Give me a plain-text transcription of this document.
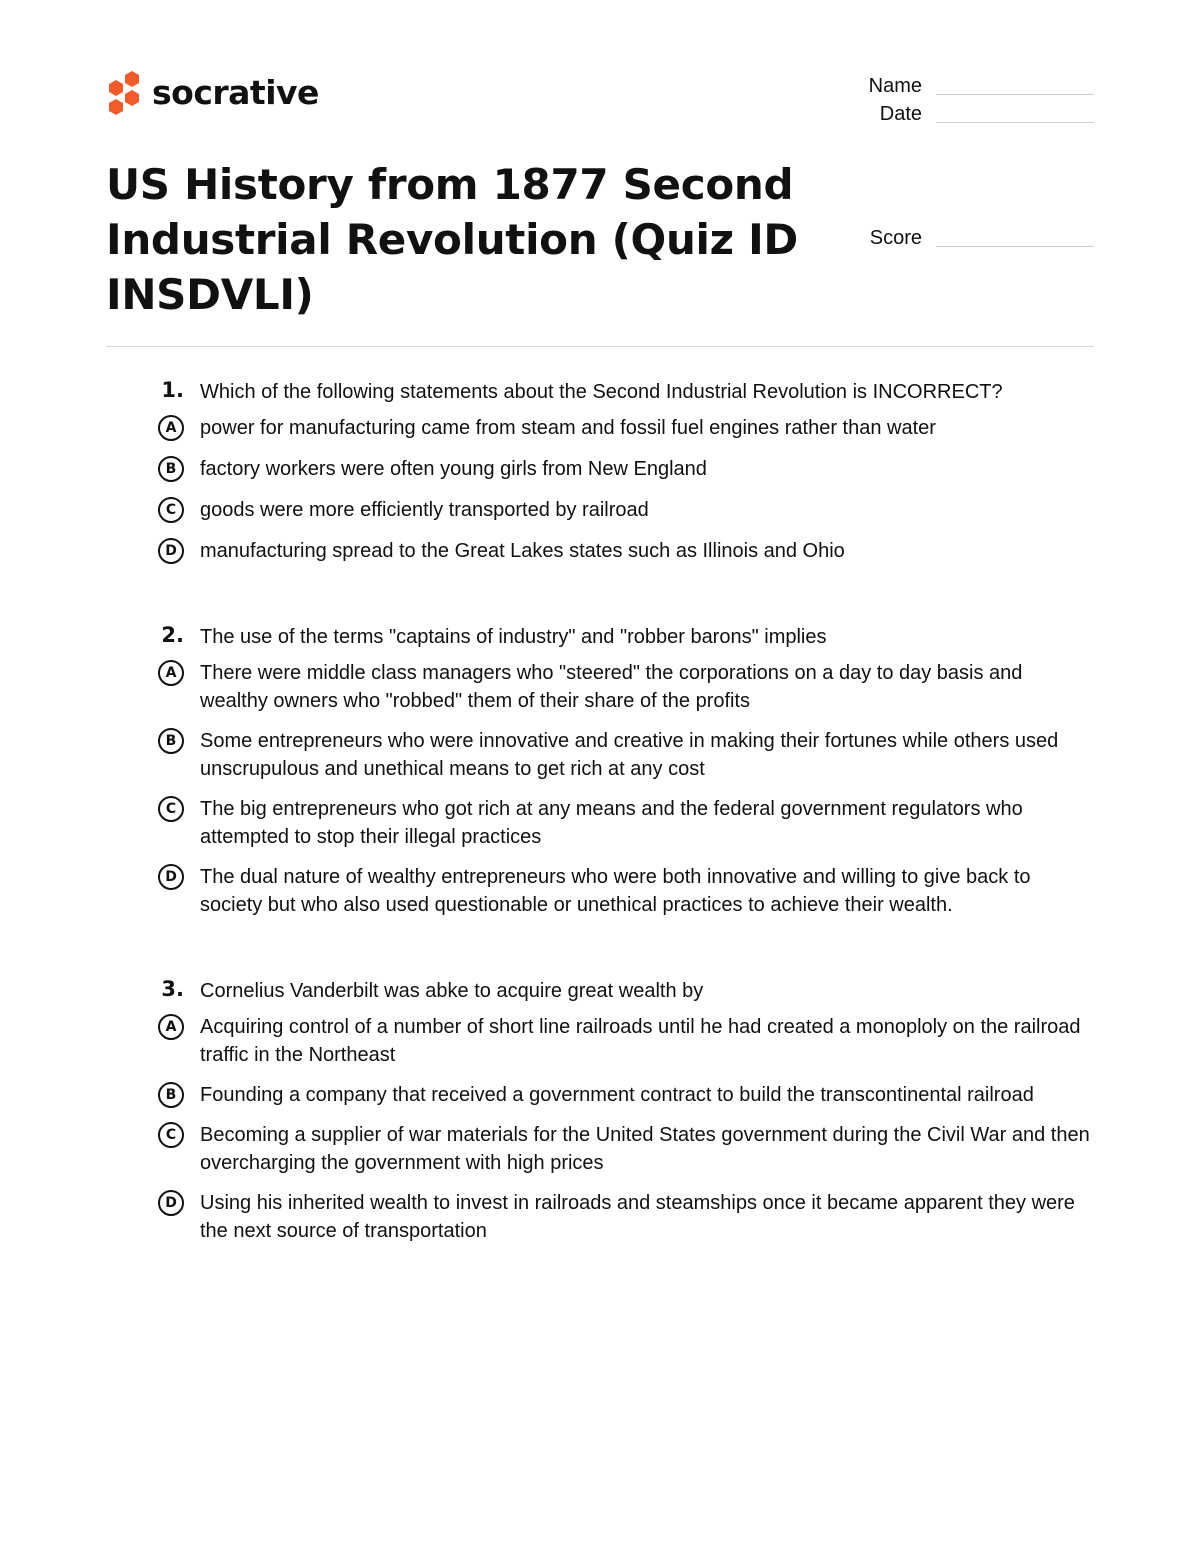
socrative	Name
Date
Score
US History from 1877 Second Industrial Revolution (Quiz ID INSDVLI)
1. Which of the following statements about the Second Industrial Revolution is INCORRECT?
A	power for manufacturing came from steam and fossil fuel engines rather than water
B	factory workers were often young girls from New England
C	goods were more efficiently transported by railroad
D	manufacturing spread to the Great Lakes states such as Illinois and Ohio
2. The use of the terms "captains of industry" and "robber barons" implies
A	There were middle class managers who "steered" the corporations on a day to day basis and wealthy owners who "robbed" them of their share of the profits
B	Some entrepreneurs who were innovative and creative in making their fortunes while others used unscrupulous and unethical means to get rich at any cost
C	The big entrepreneurs who got rich at any means and the federal government regulators who attempted to stop their illegal practices
D	The dual nature of wealthy entrepreneurs who were both innovative and willing to give back to society but who also used questionable or unethical practices to achieve their wealth.
3. Cornelius Vanderbilt was abke to acquire great wealth by
A	Acquiring control of a number of short line railroads until he had created a monoploly on the railroad traffic in the Northeast
B	Founding a company that received a government contract to build the transcontinental railroad
C	Becoming a supplier of war materials for the United States government during the Civil War and then overcharging the government with high prices
D	Using his inherited wealth to invest in railroads and steamships once it became apparent they were the next source of transportation
